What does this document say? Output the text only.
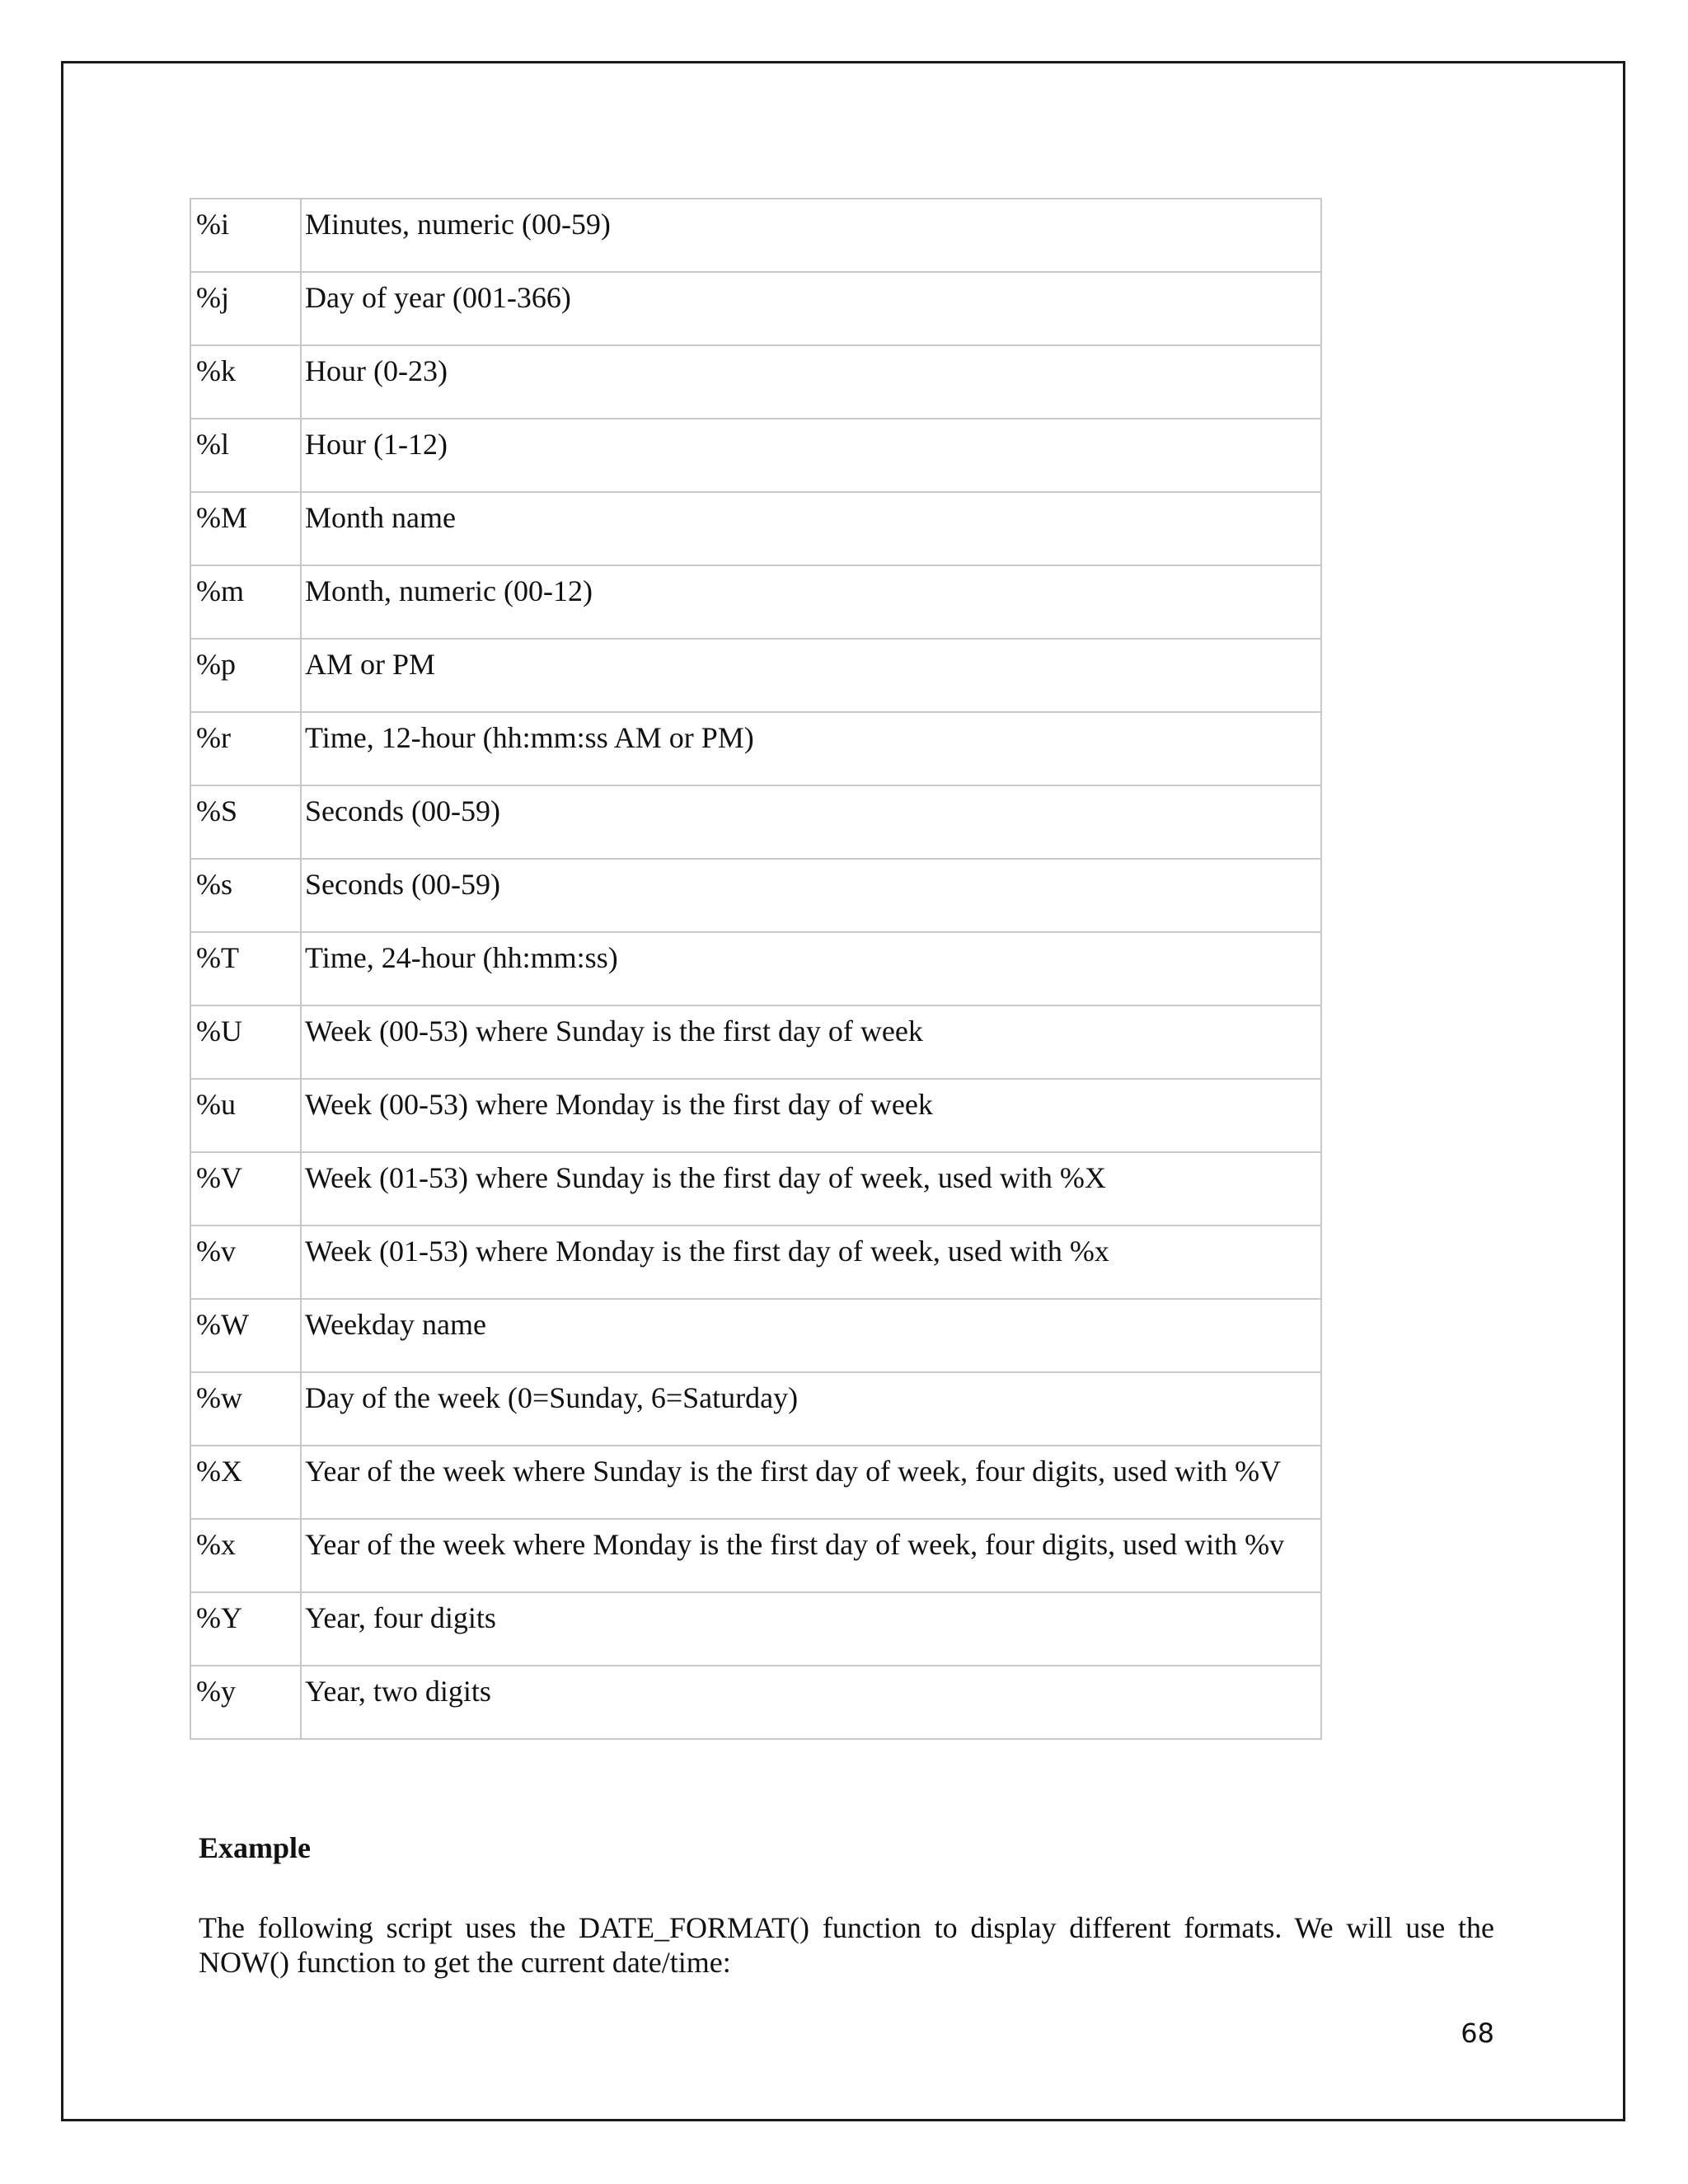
%i	Minutes, numeric (00-59)
%j	Day of year (001-366)
%k	Hour (0-23)
%l	Hour (1-12)
%M	Month name
%m	Month, numeric (00-12)
%p	AM or PM
%r	Time, 12-hour (hh:mm:ss AM or PM)
%S	Seconds (00-59)
%s	Seconds (00-59)
%T	Time, 24-hour (hh:mm:ss)
%U	Week (00-53) where Sunday is the first day of week
%u	Week (00-53) where Monday is the first day of week
%V	Week (01-53) where Sunday is the first day of week, used with %X
%v	Week (01-53) where Monday is the first day of week, used with %x
%W	Weekday name
%w	Day of the week (0=Sunday, 6=Saturday)
%X	Year of the week where Sunday is the first day of week, four digits, used with %V
%x	Year of the week where Monday is the first day of week, four digits, used with %v
%Y	Year, four digits
%y	Year, two digits
Example

The following script uses the DATE_FORMAT() function to display different formats. We will use the NOW() function to get the current date/time:

68
